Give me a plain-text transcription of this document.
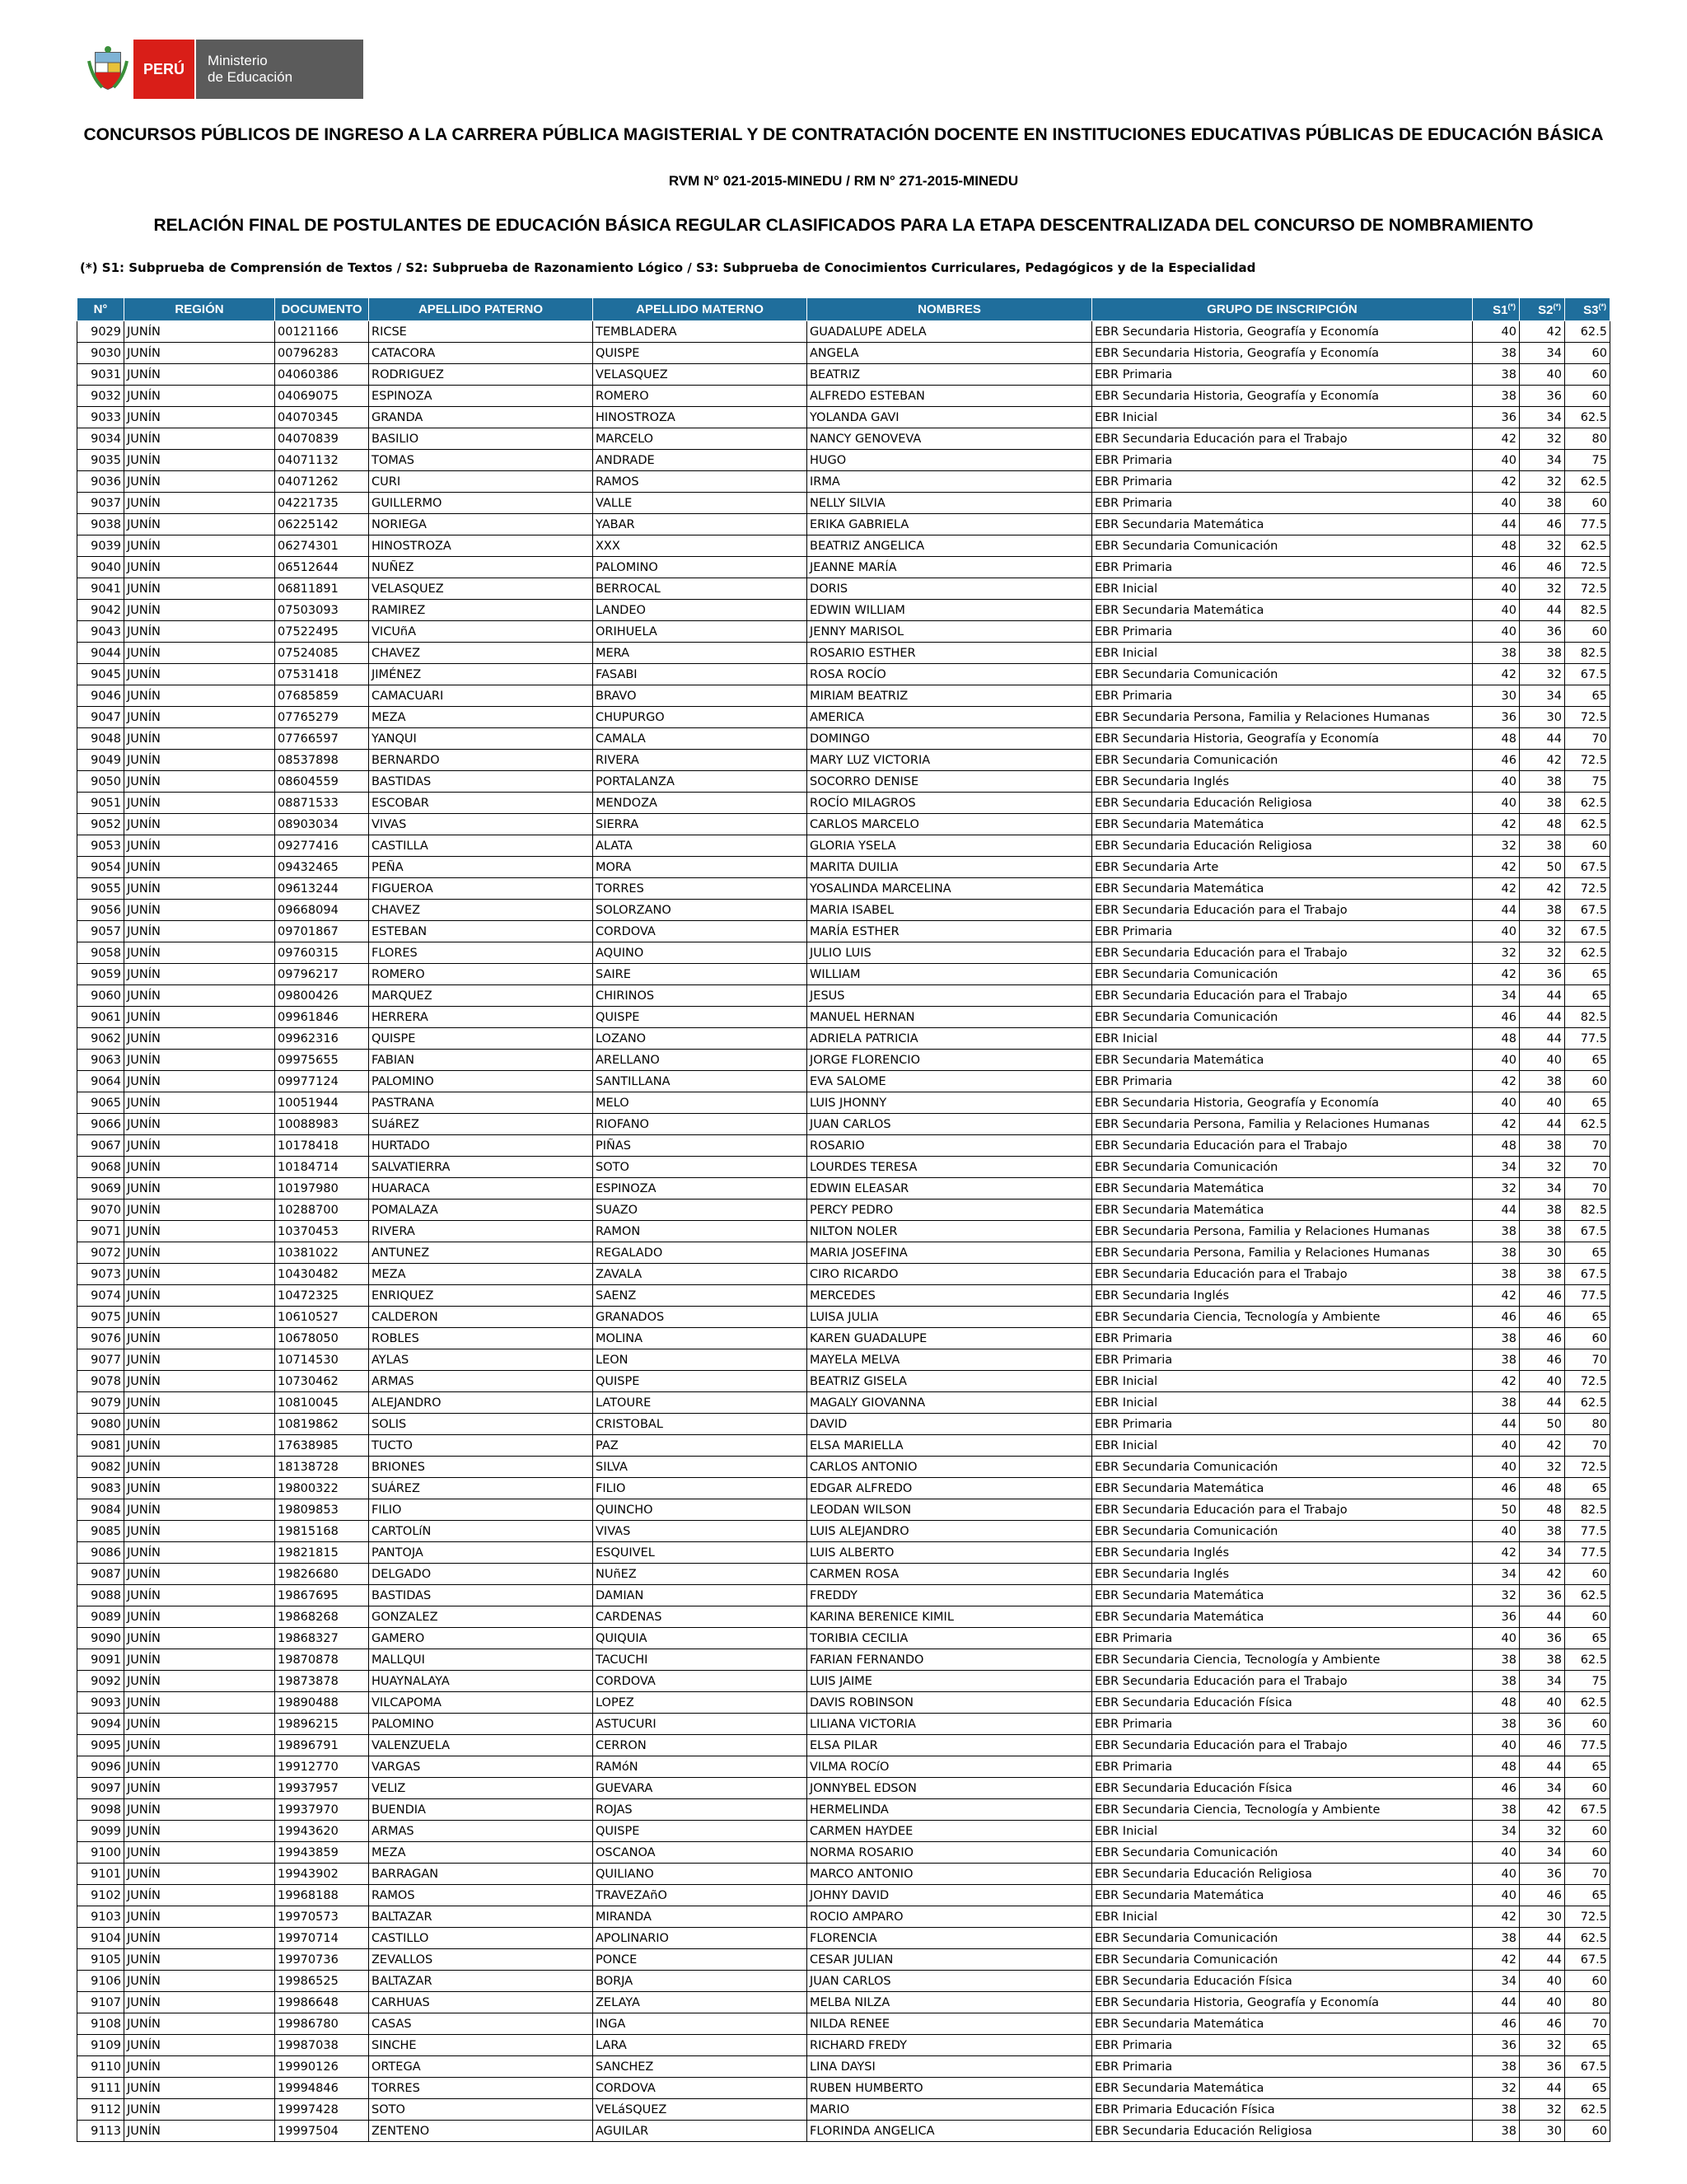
PERÚ	Ministerio
de Educación
CONCURSOS PÚBLICOS DE INGRESO A LA CARRERA PÚBLICA MAGISTERIAL Y DE CONTRATACIÓN DOCENTE EN INSTITUCIONES EDUCATIVAS PÚBLICAS DE EDUCACIÓN BÁSICA
RVM N° 021-2015-MINEDU / RM N° 271-2015-MINEDU
RELACIÓN FINAL DE POSTULANTES DE EDUCACIÓN BÁSICA REGULAR CLASIFICADOS PARA LA ETAPA DESCENTRALIZADA DEL CONCURSO DE NOMBRAMIENTO
(*) S1: Subprueba de Comprensión de Textos / S2: Subprueba de Razonamiento Lógico / S3: Subprueba de Conocimientos Curriculares, Pedagógicos y de la Especialidad
N°	REGIÓN	DOCUMENTO	APELLIDO PATERNO	APELLIDO MATERNO	NOMBRES	GRUPO DE INSCRIPCIÓN	S1(*)	S2(*)	S3(*)
9029	JUNÍN	00121166	RICSE	TEMBLADERA	GUADALUPE ADELA	EBR Secundaria Historia, Geografía y Economía	40	42	62.5
9030	JUNÍN	00796283	CATACORA	QUISPE	ANGELA	EBR Secundaria Historia, Geografía y Economía	38	34	60
9031	JUNÍN	04060386	RODRIGUEZ	VELASQUEZ	BEATRIZ	EBR Primaria	38	40	60
9032	JUNÍN	04069075	ESPINOZA	ROMERO	ALFREDO ESTEBAN	EBR Secundaria Historia, Geografía y Economía	38	36	60
9033	JUNÍN	04070345	GRANDA	HINOSTROZA	YOLANDA GAVI	EBR Inicial	36	34	62.5
9034	JUNÍN	04070839	BASILIO	MARCELO	NANCY GENOVEVA	EBR Secundaria Educación para el Trabajo	42	32	80
9035	JUNÍN	04071132	TOMAS	ANDRADE	HUGO	EBR Primaria	40	34	75
9036	JUNÍN	04071262	CURI	RAMOS	IRMA	EBR Primaria	42	32	62.5
9037	JUNÍN	04221735	GUILLERMO	VALLE	NELLY SILVIA	EBR Primaria	40	38	60
9038	JUNÍN	06225142	NORIEGA	YABAR	ERIKA GABRIELA	EBR Secundaria Matemática	44	46	77.5
9039	JUNÍN	06274301	HINOSTROZA	XXX	BEATRIZ ANGELICA	EBR Secundaria Comunicación	48	32	62.5
9040	JUNÍN	06512644	NUÑEZ	PALOMINO	JEANNE MARÍA	EBR Primaria	46	46	72.5
9041	JUNÍN	06811891	VELASQUEZ	BERROCAL	DORIS	EBR Inicial	40	32	72.5
9042	JUNÍN	07503093	RAMIREZ	LANDEO	EDWIN WILLIAM	EBR Secundaria Matemática	40	44	82.5
9043	JUNÍN	07522495	VICUñA	ORIHUELA	JENNY MARISOL	EBR Primaria	40	36	60
9044	JUNÍN	07524085	CHAVEZ	MERA	ROSARIO ESTHER	EBR Inicial	38	38	82.5
9045	JUNÍN	07531418	JIMÉNEZ	FASABI	ROSA ROCÍO	EBR Secundaria Comunicación	42	32	67.5
9046	JUNÍN	07685859	CAMACUARI	BRAVO	MIRIAM BEATRIZ	EBR Primaria	30	34	65
9047	JUNÍN	07765279	MEZA	CHUPURGO	AMERICA	EBR Secundaria Persona, Familia y Relaciones Humanas	36	30	72.5
9048	JUNÍN	07766597	YANQUI	CAMALA	DOMINGO	EBR Secundaria Historia, Geografía y Economía	48	44	70
9049	JUNÍN	08537898	BERNARDO	RIVERA	MARY LUZ VICTORIA	EBR Secundaria Comunicación	46	42	72.5
9050	JUNÍN	08604559	BASTIDAS	PORTALANZA	SOCORRO DENISE	EBR Secundaria Inglés	40	38	75
9051	JUNÍN	08871533	ESCOBAR	MENDOZA	ROCÍO MILAGROS	EBR Secundaria Educación Religiosa	40	38	62.5
9052	JUNÍN	08903034	VIVAS	SIERRA	CARLOS MARCELO	EBR Secundaria Matemática	42	48	62.5
9053	JUNÍN	09277416	CASTILLA	ALATA	GLORIA YSELA	EBR Secundaria Educación Religiosa	32	38	60
9054	JUNÍN	09432465	PEÑA	MORA	MARITA DUILIA	EBR Secundaria Arte	42	50	67.5
9055	JUNÍN	09613244	FIGUEROA	TORRES	YOSALINDA MARCELINA	EBR Secundaria Matemática	42	42	72.5
9056	JUNÍN	09668094	CHAVEZ	SOLORZANO	MARIA ISABEL	EBR Secundaria Educación para el Trabajo	44	38	67.5
9057	JUNÍN	09701867	ESTEBAN	CORDOVA	MARÍA ESTHER	EBR Primaria	40	32	67.5
9058	JUNÍN	09760315	FLORES	AQUINO	JULIO LUIS	EBR Secundaria Educación para el Trabajo	32	32	62.5
9059	JUNÍN	09796217	ROMERO	SAIRE	WILLIAM	EBR Secundaria Comunicación	42	36	65
9060	JUNÍN	09800426	MARQUEZ	CHIRINOS	JESUS	EBR Secundaria Educación para el Trabajo	34	44	65
9061	JUNÍN	09961846	HERRERA	QUISPE	MANUEL HERNAN	EBR Secundaria Comunicación	46	44	82.5
9062	JUNÍN	09962316	QUISPE	LOZANO	ADRIELA PATRICIA	EBR Inicial	48	44	77.5
9063	JUNÍN	09975655	FABIAN	ARELLANO	JORGE FLORENCIO	EBR Secundaria Matemática	40	40	65
9064	JUNÍN	09977124	PALOMINO	SANTILLANA	EVA SALOME	EBR Primaria	42	38	60
9065	JUNÍN	10051944	PASTRANA	MELO	LUIS JHONNY	EBR Secundaria Historia, Geografía y Economía	40	40	65
9066	JUNÍN	10088983	SUáREZ	RIOFANO	JUAN CARLOS	EBR Secundaria Persona, Familia y Relaciones Humanas	42	44	62.5
9067	JUNÍN	10178418	HURTADO	PIÑAS	ROSARIO	EBR Secundaria Educación para el Trabajo	48	38	70
9068	JUNÍN	10184714	SALVATIERRA	SOTO	LOURDES TERESA	EBR Secundaria Comunicación	34	32	70
9069	JUNÍN	10197980	HUARACA	ESPINOZA	EDWIN ELEASAR	EBR Secundaria Matemática	32	34	70
9070	JUNÍN	10288700	POMALAZA	SUAZO	PERCY PEDRO	EBR Secundaria Matemática	44	38	82.5
9071	JUNÍN	10370453	RIVERA	RAMON	NILTON NOLER	EBR Secundaria Persona, Familia y Relaciones Humanas	38	38	67.5
9072	JUNÍN	10381022	ANTUNEZ	REGALADO	MARIA JOSEFINA	EBR Secundaria Persona, Familia y Relaciones Humanas	38	30	65
9073	JUNÍN	10430482	MEZA	ZAVALA	CIRO RICARDO	EBR Secundaria Educación para el Trabajo	38	38	67.5
9074	JUNÍN	10472325	ENRIQUEZ	SAENZ	MERCEDES	EBR Secundaria Inglés	42	46	77.5
9075	JUNÍN	10610527	CALDERON	GRANADOS	LUISA JULIA	EBR Secundaria Ciencia, Tecnología y Ambiente	46	46	65
9076	JUNÍN	10678050	ROBLES	MOLINA	KAREN GUADALUPE	EBR Primaria	38	46	60
9077	JUNÍN	10714530	AYLAS	LEON	MAYELA MELVA	EBR Primaria	38	46	70
9078	JUNÍN	10730462	ARMAS	QUISPE	BEATRIZ GISELA	EBR Inicial	42	40	72.5
9079	JUNÍN	10810045	ALEJANDRO	LATOURE	MAGALY GIOVANNA	EBR Inicial	38	44	62.5
9080	JUNÍN	10819862	SOLIS	CRISTOBAL	DAVID	EBR Primaria	44	50	80
9081	JUNÍN	17638985	TUCTO	PAZ	ELSA MARIELLA	EBR Inicial	40	42	70
9082	JUNÍN	18138728	BRIONES	SILVA	CARLOS ANTONIO	EBR Secundaria Comunicación	40	32	72.5
9083	JUNÍN	19800322	SUÁREZ	FILIO	EDGAR ALFREDO	EBR Secundaria Matemática	46	48	65
9084	JUNÍN	19809853	FILIO	QUINCHO	LEODAN WILSON	EBR Secundaria Educación para el Trabajo	50	48	82.5
9085	JUNÍN	19815168	CARTOLíN	VIVAS	LUIS ALEJANDRO	EBR Secundaria Comunicación	40	38	77.5
9086	JUNÍN	19821815	PANTOJA	ESQUIVEL	LUIS ALBERTO	EBR Secundaria Inglés	42	34	77.5
9087	JUNÍN	19826680	DELGADO	NUñEZ	CARMEN ROSA	EBR Secundaria Inglés	34	42	60
9088	JUNÍN	19867695	BASTIDAS	DAMIAN	FREDDY	EBR Secundaria Matemática	32	36	62.5
9089	JUNÍN	19868268	GONZALEZ	CARDENAS	KARINA BERENICE KIMIL	EBR Secundaria Matemática	36	44	60
9090	JUNÍN	19868327	GAMERO	QUIQUIA	TORIBIA CECILIA	EBR Primaria	40	36	65
9091	JUNÍN	19870878	MALLQUI	TACUCHI	FARIAN FERNANDO	EBR Secundaria Ciencia, Tecnología y Ambiente	38	38	62.5
9092	JUNÍN	19873878	HUAYNALAYA	CORDOVA	LUIS JAIME	EBR Secundaria Educación para el Trabajo	38	34	75
9093	JUNÍN	19890488	VILCAPOMA	LOPEZ	DAVIS ROBINSON	EBR Secundaria Educación Física	48	40	62.5
9094	JUNÍN	19896215	PALOMINO	ASTUCURI	LILIANA VICTORIA	EBR Primaria	38	36	60
9095	JUNÍN	19896791	VALENZUELA	CERRON	ELSA PILAR	EBR Secundaria Educación para el Trabajo	40	46	77.5
9096	JUNÍN	19912770	VARGAS	RAMóN	VILMA ROCíO	EBR Primaria	48	44	65
9097	JUNÍN	19937957	VELIZ	GUEVARA	JONNYBEL EDSON	EBR Secundaria Educación Física	46	34	60
9098	JUNÍN	19937970	BUENDIA	ROJAS	HERMELINDA	EBR Secundaria Ciencia, Tecnología y Ambiente	38	42	67.5
9099	JUNÍN	19943620	ARMAS	QUISPE	CARMEN HAYDEE	EBR Inicial	34	32	60
9100	JUNÍN	19943859	MEZA	OSCANOA	NORMA ROSARIO	EBR Secundaria Comunicación	40	34	60
9101	JUNÍN	19943902	BARRAGAN	QUILIANO	MARCO ANTONIO	EBR Secundaria Educación Religiosa	40	36	70
9102	JUNÍN	19968188	RAMOS	TRAVEZAñO	JOHNY DAVID	EBR Secundaria Matemática	40	46	65
9103	JUNÍN	19970573	BALTAZAR	MIRANDA	ROCIO AMPARO	EBR Inicial	42	30	72.5
9104	JUNÍN	19970714	CASTILLO	APOLINARIO	FLORENCIA	EBR Secundaria Comunicación	38	44	62.5
9105	JUNÍN	19970736	ZEVALLOS	PONCE	CESAR JULIAN	EBR Secundaria Comunicación	42	44	67.5
9106	JUNÍN	19986525	BALTAZAR	BORJA	JUAN CARLOS	EBR Secundaria Educación Física	34	40	60
9107	JUNÍN	19986648	CARHUAS	ZELAYA	MELBA NILZA	EBR Secundaria Historia, Geografía y Economía	44	40	80
9108	JUNÍN	19986780	CASAS	INGA	NILDA RENEE	EBR Secundaria Matemática	46	46	70
9109	JUNÍN	19987038	SINCHE	LARA	RICHARD FREDY	EBR Primaria	36	32	65
9110	JUNÍN	19990126	ORTEGA	SANCHEZ	LINA DAYSI	EBR Primaria	38	36	67.5
9111	JUNÍN	19994846	TORRES	CORDOVA	RUBEN HUMBERTO	EBR Secundaria Matemática	32	44	65
9112	JUNÍN	19997428	SOTO	VELáSQUEZ	MARIO	EBR Primaria Educación Física	38	32	62.5
9113	JUNÍN	19997504	ZENTENO	AGUILAR	FLORINDA ANGELICA	EBR Secundaria Educación Religiosa	38	30	60
